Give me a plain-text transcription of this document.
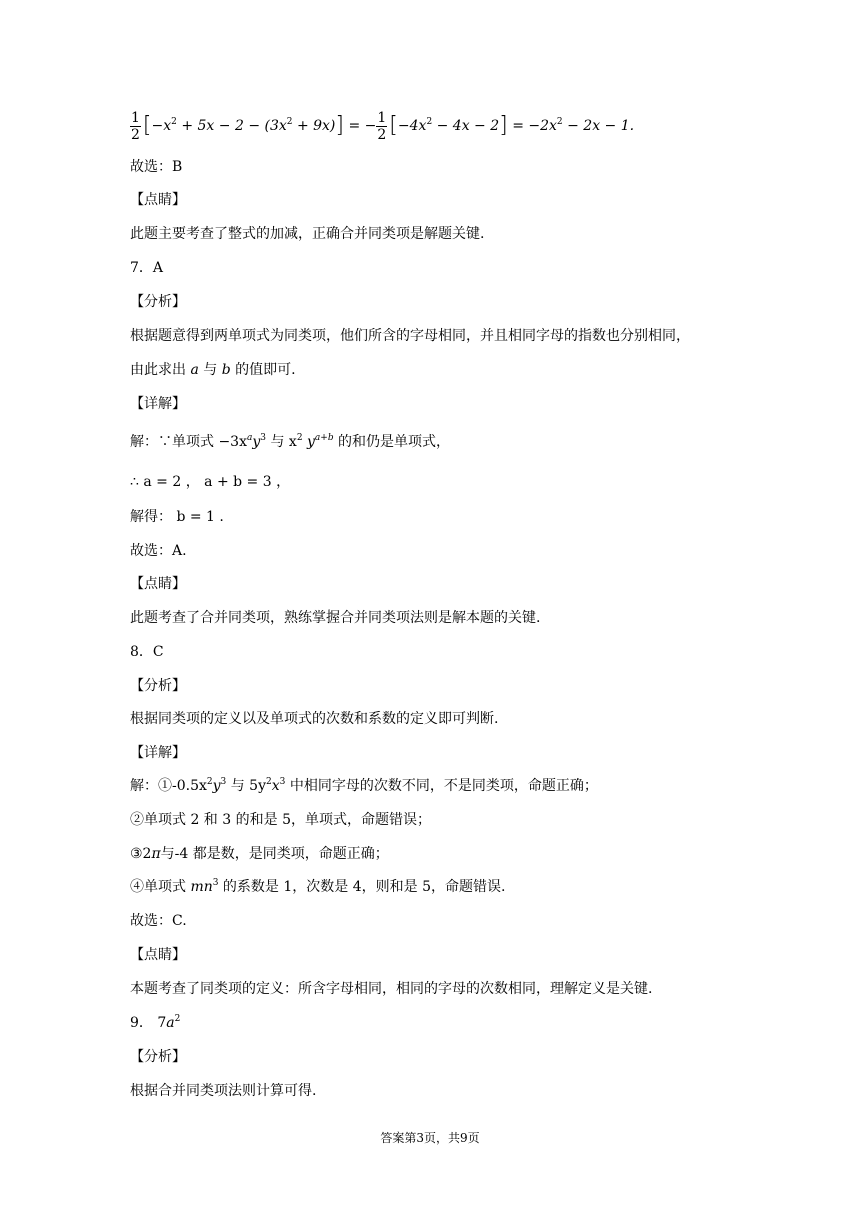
$\frac{1}{2} [-x^2 + 5x - 2 - (3x^2 + 9x)]$ = − $\frac{1}{2} [-4x^2 - 4x - 2] = -2x^2 - 2x - 1$.
故选：B
【点睛】
此题主要考查了整式的加减，正确合并同类项是解题关键.
7．A
【分析】
根据题意得到两单项式为同类项，他们所含的字母相同，并且相同字母的指数也分别相同，
由此求出 a 与 b 的值即可.
【详解】
解：∵单项式 $-3x^ay^3$ 与 $x^2$ $y^{a+b}$ 的和仍是单项式，
∴ a = 2 ， a + b = 3 ，
解得： b = 1 .
故选：A.
【点睛】
此题考查了合并同类项，熟练掌握合并同类项法则是解本题的关键.
8．C
【分析】
根据同类项的定义以及单项式的次数和系数的定义即可判断.
【详解】
解：$①-0.5x^2y^3$ 与 $5y^2x^3$ 中相同字母的次数不同，不是同类项，命题正确；
②单项式 2 和 3 的和是 5，单项式，命题错误；
③2π与-4 都是数，是同类项，命题正确；
④单项式 $mn^3$ 的系数是 1，次数是 4，则和是 5，命题错误.
故选：C.
【点睛】
本题考查了同类项的定义：所含字母相同，相同的字母的次数相同，理解定义是关键.
9． $7a^2$
【分析】
根据合并同类项法则计算可得.
答案第3页，共9页
